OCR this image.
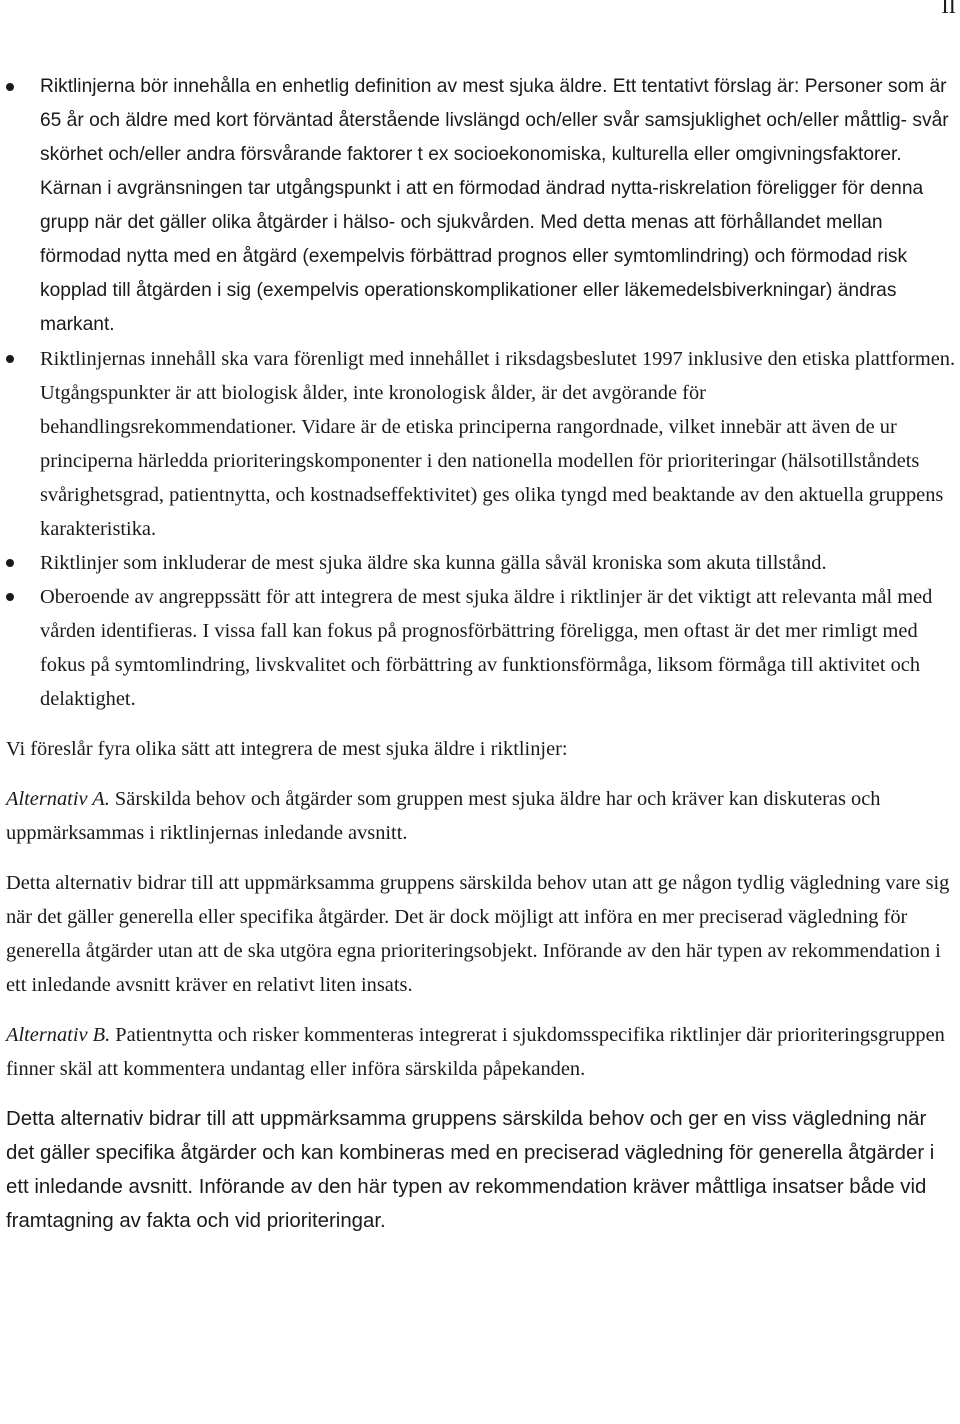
II
Riktlinjerna bör innehålla en enhetlig definition av mest sjuka äldre. Ett tentativt förslag är: Personer som är 65 år och äldre med kort förväntad återstående livslängd och/eller svår samsjuklighet och/eller måttlig- svår skörhet och/eller andra försvårande faktorer t ex socioekonomiska, kulturella eller omgivningsfaktorer. Kärnan i avgränsningen tar utgångspunkt i att en förmodad ändrad nytta-riskrelation föreligger för denna grupp när det gäller olika åtgärder i hälso- och sjukvården. Med detta menas att förhållandet mellan förmodad nytta med en åtgärd (exempelvis förbättrad prognos eller symtomlindring) och förmodad risk kopplad till åtgärden i sig (exempelvis operationskomplikationer eller läkemedelsbiverkningar) ändras markant.
Riktlinjernas innehåll ska vara förenligt med innehållet i riksdagsbeslutet 1997 inklusive den etiska plattformen. Utgångspunkter är att biologisk ålder, inte kronologisk ålder, är det avgörande för behandlingsrekommendationer. Vidare är de etiska principerna rangordnade, vilket innebär att även de ur principerna härledda prioriteringskomponenter i den nationella modellen för prioriteringar (hälsotillståndets svårighetsgrad, patientnytta, och kostnadseffektivitet) ges olika tyngd med beaktande av den aktuella gruppens karakteristika.
Riktlinjer som inkluderar de mest sjuka äldre ska kunna gälla såväl kroniska som akuta tillstånd.
Oberoende av angreppssätt för att integrera de mest sjuka äldre i riktlinjer är det viktigt att relevanta mål med vården identifieras. I vissa fall kan fokus på prognosförbättring föreligga, men oftast är det mer rimligt med fokus på symtomlindring, livskvalitet och förbättring av funktionsförmåga, liksom förmåga till aktivitet och delaktighet.

Vi föreslår fyra olika sätt att integrera de mest sjuka äldre i riktlinjer:

Alternativ A. Särskilda behov och åtgärder som gruppen mest sjuka äldre har och kräver kan diskuteras och uppmärksammas i riktlinjernas inledande avsnitt.

Detta alternativ bidrar till att uppmärksamma gruppens särskilda behov utan att ge någon tydlig vägledning vare sig när det gäller generella eller specifika åtgärder. Det är dock möjligt att införa en mer preciserad vägledning för generella åtgärder utan att de ska utgöra egna prioriteringsobjekt. Införande av den här typen av rekommendation i ett inledande avsnitt kräver en relativt liten insats.

Alternativ B. Patientnytta och risker kommenteras integrerat i sjukdomsspecifika riktlinjer där prioriteringsgruppen finner skäl att kommentera undantag eller införa särskilda påpekanden.

Detta alternativ bidrar till att uppmärksamma gruppens särskilda behov och ger en viss vägledning när det gäller specifika åtgärder och kan kombineras med en preciserad vägledning för generella åtgärder i ett inledande avsnitt. Införande av den här typen av rekommendation kräver måttliga insatser både vid framtagning av fakta och vid prioriteringar.
